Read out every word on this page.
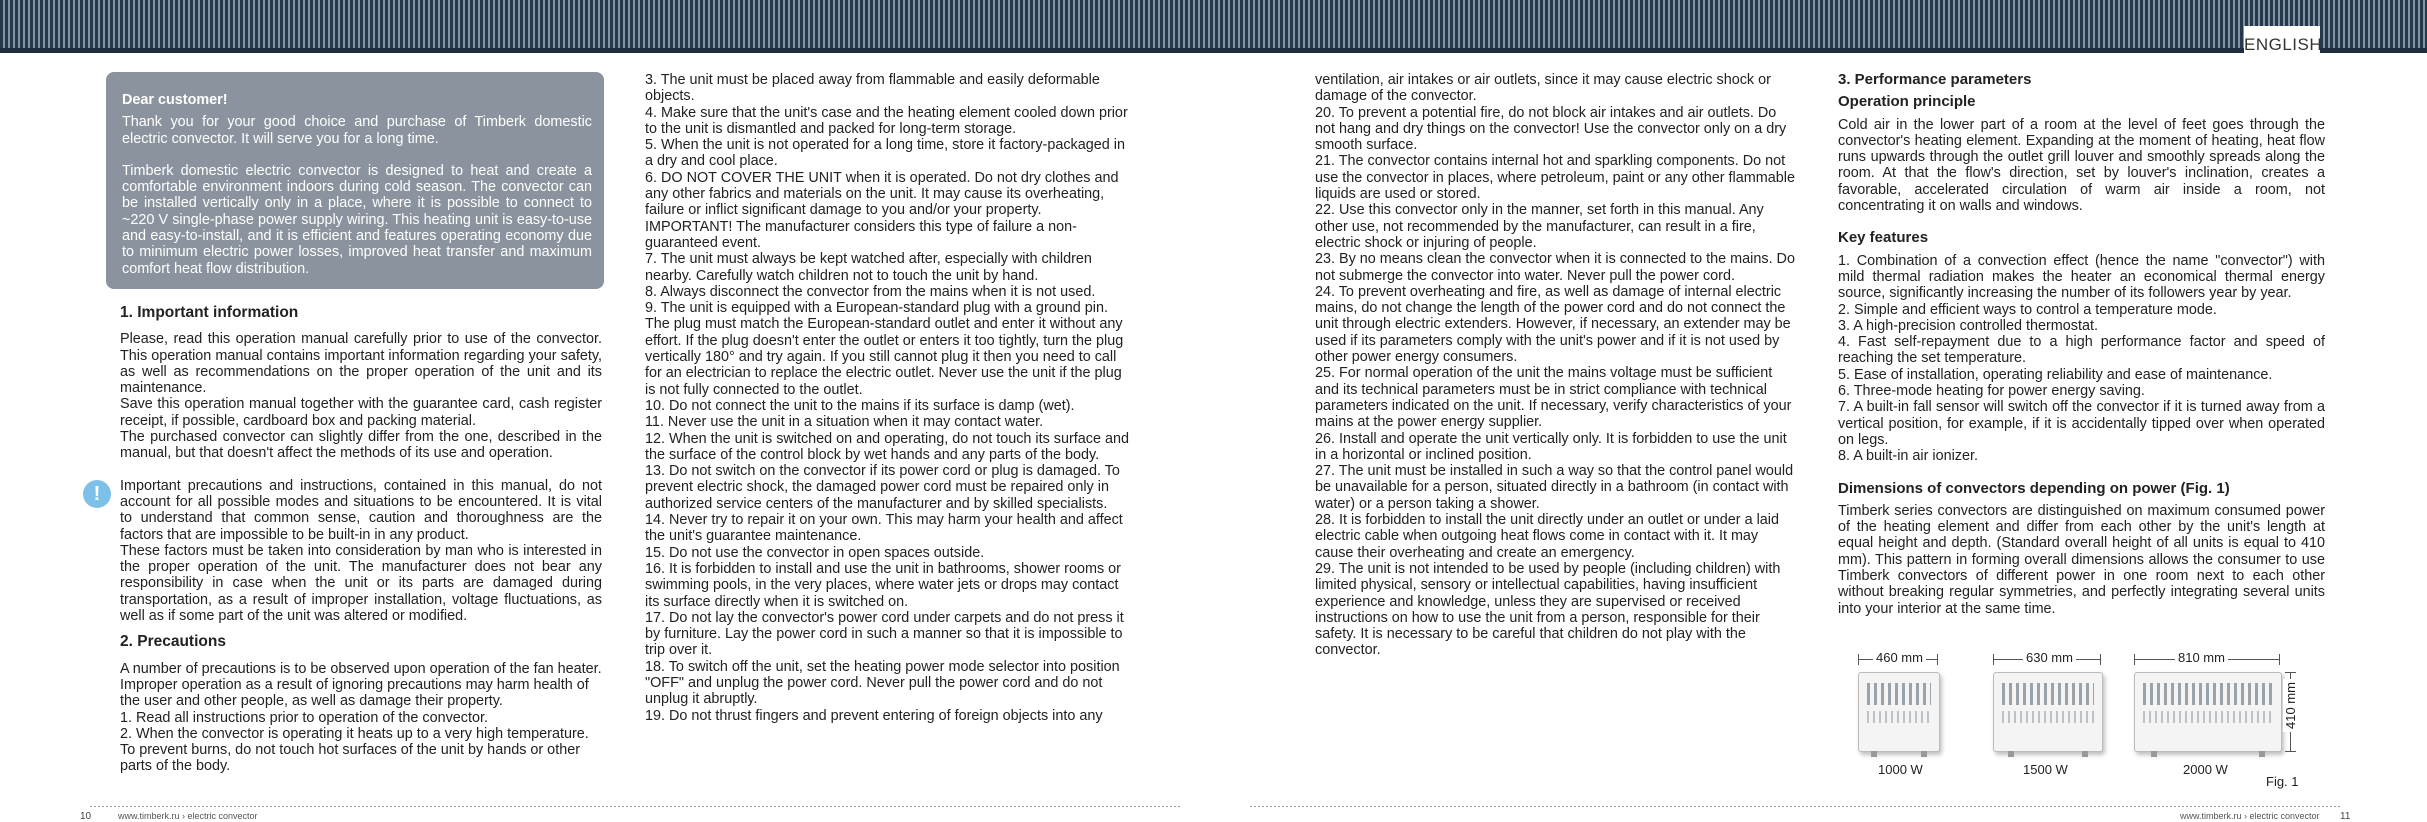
ENGLISH

Dear customer!

Thank you for your good choice and purchase of Timberk domestic electric convector. It will serve you for a long time.

Timberk domestic electric convector is designed to heat and create a comfortable environment indoors during cold season. The convector can be installed vertically only in a place, where it is possible to connect to ~220 V single-phase power supply wiring. This heating unit is easy-to-use and easy-to-install, and it is efficient and features operating economy due to minimum electric power losses, improved heat transfer and maximum comfort heat flow distribution.

1. Important information

Please, read this operation manual carefully prior to use of the convector. This operation manual contains important information regarding your safety, as well as recommendations on the proper operation of the unit and its maintenance.

Save this operation manual together with the guarantee card, cash register receipt, if possible, cardboard box and packing material.

The purchased convector can slightly differ from the one, described in the manual, but that doesn't affect the methods of its use and operation.

!	Important precautions and instructions, contained in this manual, do not account for all possible modes and situations to be encountered. It is vital to understand that common sense, caution and thoroughness are the factors that are impossible to be built-in in any product.

These factors must be taken into consideration by man who is interested in the proper operation of the unit. The manufacturer does not bear any responsibility in case when the unit or its parts are damaged during transportation, as a result of improper installation, voltage fluctuations, as well as if some part of the unit was altered or modified.

2. Precautions

A number of precautions is to be observed upon operation of the fan heater. Improper operation as a result of ignoring precautions may harm health of the user and other people, as well as damage their property.

1. Read all instructions prior to operation of the convector.

2. When the convector is operating it heats up to a very high temperature. To prevent burns, do not touch hot surfaces of the unit by hands or other parts of the body.

3. The unit must be placed away from flammable and easily deformable objects.

4. Make sure that the unit's case and the heating element cooled down prior to the unit is dismantled and packed for long-term storage.

5. When the unit is not operated for a long time, store it factory-packaged in a dry and cool place.

6. DO NOT COVER THE UNIT when it is operated. Do not dry clothes and any other fabrics and materials on the unit. It may cause its overheating, failure or inflict significant damage to you and/or your property.

IMPORTANT! The manufacturer considers this type of failure a non-guaranteed event.

7. The unit must always be kept watched after, especially with children nearby. Carefully watch children not to touch the unit by hand.

8. Always disconnect the convector from the mains when it is not used.

9. The unit is equipped with a European-standard plug with a ground pin. The plug must match the European-standard outlet and enter it without any effort. If the plug doesn't enter the outlet or enters it too tightly, turn the plug vertically 180° and try again. If you still cannot plug it then you need to call for an electrician to replace the electric outlet. Never use the unit if the plug is not fully connected to the outlet.

10. Do not connect the unit to the mains if its surface is damp (wet).

11. Never use the unit in a situation when it may contact water.

12. When the unit is switched on and operating, do not touch its surface and the surface of the control block by wet hands and any parts of the body.

13. Do not switch on the convector if its power cord or plug is damaged. To prevent electric shock, the damaged power cord must be repaired only in authorized service centers of the manufacturer and by skilled specialists.

14. Never try to repair it on your own. This may harm your health and affect the unit's guarantee maintenance.

15. Do not use the convector in open spaces outside.

16. It is forbidden to install and use the unit in bathrooms, shower rooms or swimming pools, in the very places, where water jets or drops may contact its surface directly when it is switched on.

17. Do not lay the convector's power cord under carpets and do not press it by furniture. Lay the power cord in such a manner so that it is impossible to trip over it.

18. To switch off the unit, set the heating power mode selector into position "OFF" and unplug the power cord. Never pull the power cord and do not unplug it abruptly.

19. Do not thrust fingers and prevent entering of foreign objects into any

ventilation, air intakes or air outlets, since it may cause electric shock or damage of the convector.

20. To prevent a potential fire, do not block air intakes and air outlets. Do not hang and dry things on the convector! Use the convector only on a dry smooth surface.

21. The convector contains internal hot and sparkling components. Do not use the convector in places, where petroleum, paint or any other flammable liquids are used or stored.

22. Use this convector only in the manner, set forth in this manual. Any other use, not recommended by the manufacturer, can result in a fire, electric shock or injuring of people.

23. By no means clean the convector when it is connected to the mains. Do not submerge the convector into water. Never pull the power cord.

24. To prevent overheating and fire, as well as damage of internal electric mains, do not change the length of the power cord and do not connect the unit through electric extenders. However, if necessary, an extender may be used if its parameters comply with the unit's power and if it is not used by other power energy consumers.

25. For normal operation of the unit the mains voltage must be sufficient and its technical parameters must be in strict compliance with technical parameters indicated on the unit. If necessary, verify characteristics of your mains at the power energy supplier.

26. Install and operate the unit vertically only. It is forbidden to use the unit in a horizontal or inclined position.

27. The unit must be installed in such a way so that the control panel would be unavailable for a person, situated directly in a bathroom (in contact with water) or a person taking a shower.

28. It is forbidden to install the unit directly under an outlet or under a laid electric cable when outgoing heat flows come in contact with it. It may cause their overheating and create an emergency.

29. The unit is not intended to be used by people (including children) with limited physical, sensory or intellectual capabilities, having insufficient experience and knowledge, unless they are supervised or received instructions on how to use the unit from a person, responsible for their safety. It is necessary to be careful that children do not play with the convector.

3. Performance parameters
Operation principle

Cold air in the lower part of a room at the level of feet goes through the convector's heating element. Expanding at the moment of heating, heat flow runs upwards through the outlet grill louver and smoothly spreads along the room. At that the flow's direction, set by louver's inclination, creates a favorable, accelerated circulation of warm air inside a room, not concentrating it on walls and windows.

Key features

1. Combination of a convection effect (hence the name "convector") with mild thermal radiation makes the heater an economical thermal energy source, significantly increasing the number of its followers year by year.

2. Simple and efficient ways to control a temperature mode.

3. A high-precision controlled thermostat.

4. Fast self-repayment due to a high performance factor and speed of reaching the set temperature.

5. Ease of installation, operating reliability and ease of maintenance.

6. Three-mode heating for power energy saving.

7. A built-in fall sensor will switch off the convector if it is turned away from a vertical position, for example, if it is accidentally tipped over when operated on legs.

8. A built-in air ionizer.

Dimensions of convectors depending on power (Fig. 1)

Timberk series convectors are distinguished on maximum consumed power of the heating element and differ from each other by the unit's length at equal height and depth. (Standard overall height of all units is equal to 410 mm). This pattern in forming overall dimensions allows the consumer to use Timberk convectors of different power in one room next to each other without breaking regular symmetries, and perfectly integrating several units into your interior at the same time.

460 mm	630 mm	810 mm
410 mm
1000 W	1500 W	2000 W
Fig. 1
10	www.timberk.ru › electric convector	www.timberk.ru › electric convector 11
